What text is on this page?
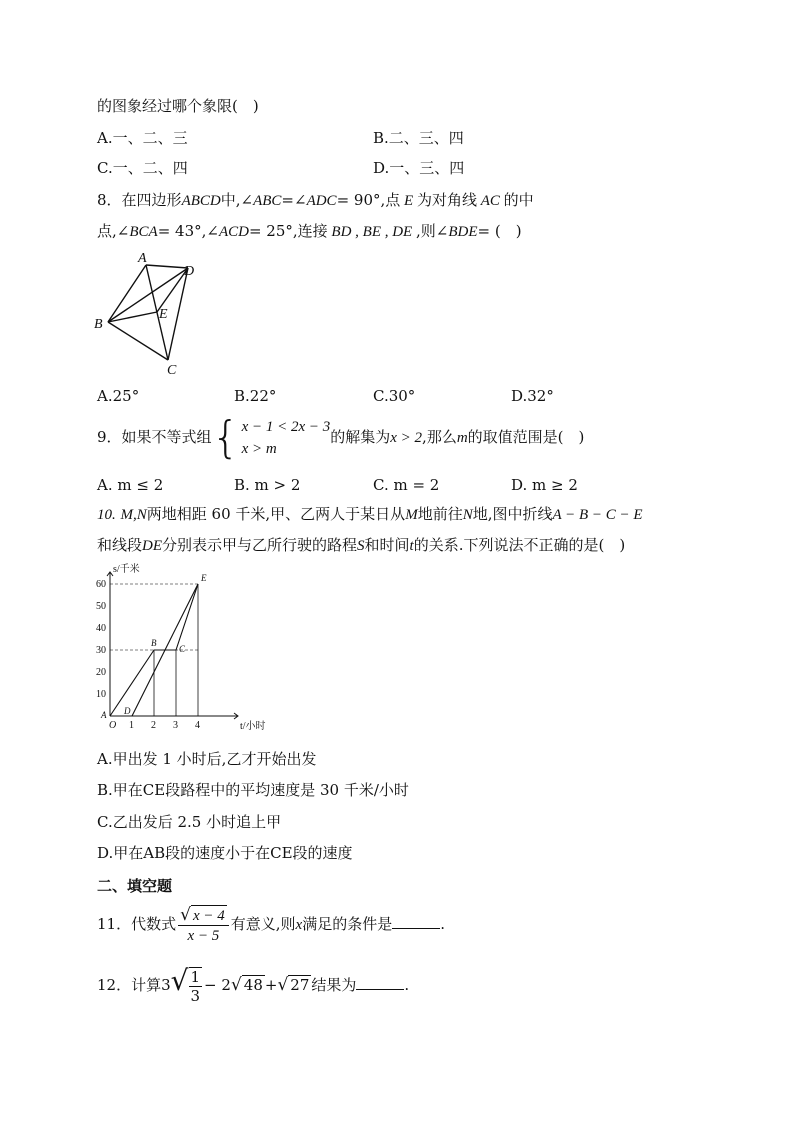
的图象经过哪个象限(　)
A.一、二、三	B.二、三、四
C.一、二、四	D.一、三、四
8．在四边形ABCD中,∠ABC=∠ADC= 90°,点 E 为对角线 AC 的中
点,∠BCA= 43°,∠ACD= 25°,连接 BD , BE , DE ,则∠BDE= (　)
A
B
C
D
E
A.25°	B.22°	C.30°	D.32°
9．如果不等式组{ x − 1 < 2x − 3
x > m
的解集为x > 2,那么m的取值范围是(　)
A. m ≤ 2	B. m > 2	C. m = 2	D. m ≥ 2
10. M,N两地相距 60 千米,甲、乙两人于某日从M地前往N地,图中折线A − B − C − E
和线段DE分别表示甲与乙所行驶的路程S和时间t的关系.下列说法不正确的是(　)
1 2 3 4
10
20
30
40
50
60
s/千米
t/小时
O
A
B
C
E
D
A.甲出发 1 小时后,乙才开始出发
B.甲在CE段路程中的平均速度是 30 千米/小时
C.乙出发后 2.5 小时追上甲
D.甲在AB段的速度小于在CE段的速度
二、填空题
11．代数式 $\frac{√ x - 4}{x - 5}$ 有意义,则x满足的条件是	.
12．计算$3√ \frac{1}{3} - 2√$ 48 +√ 27 结果为	.
